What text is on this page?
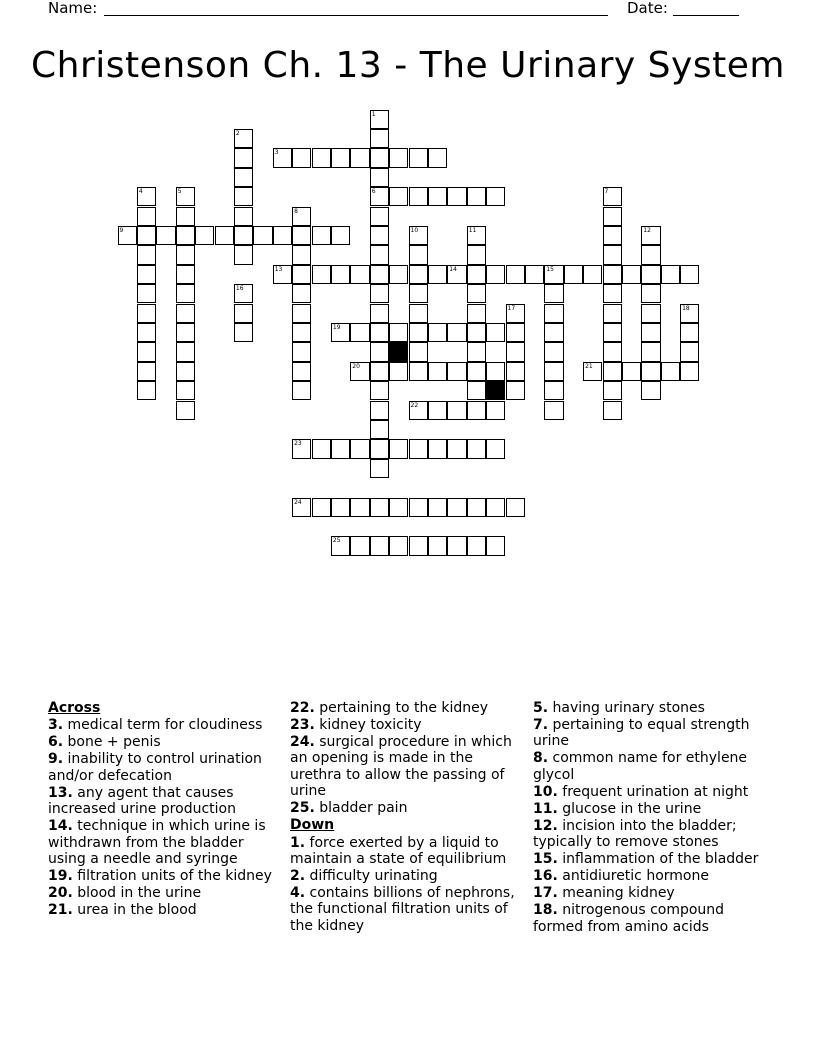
Name:	Date:
Christenson Ch. 13 - The Urinary System
1
6
2
3
4	5	7
8
9	10	11	12
13	14	15
16
17	18
19
20	21
22
23
24
25
Across
3. medical term for cloudiness
6. bone + penis
9. inability to control urination and/or defecation
13. any agent that causes increased urine production
14. technique in which urine is withdrawn from the bladder using a needle and syringe
19. filtration units of the kidney
20. blood in the urine
21. urea in the blood
22. pertaining to the kidney
23. kidney toxicity
24. surgical procedure in which an opening is made in the urethra to allow the passing of urine
25. bladder pain
Down
1. force exerted by a liquid to maintain a state of equilibrium
2. difficulty urinating
4. contains billions of nephrons, the functional filtration units of the kidney
5. having urinary stones
7. pertaining to equal strength urine
8. common name for ethylene glycol
10. frequent urination at night
11. glucose in the urine
12. incision into the bladder; typically to remove stones
15. inflammation of the bladder
16. antidiuretic hormone
17. meaning kidney
18. nitrogenous compound formed from amino acids
